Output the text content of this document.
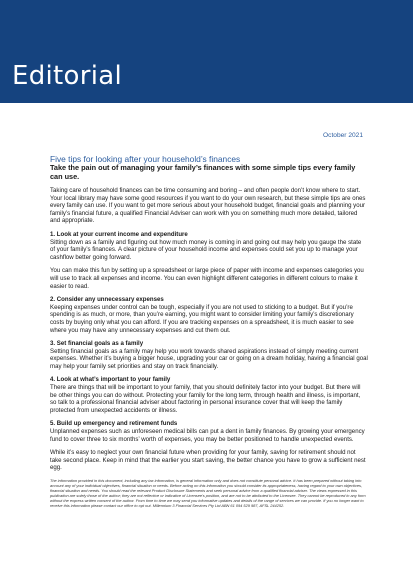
Editorial
October 2021
Five tips for looking after your household’s finances

Take the pain out of managing your family’s finances with some simple tips every family can use.

Taking care of household finances can be time consuming and boring – and often people don’t know where to start. Your local library may have some good resources if you want to do your own research, but these simple tips are ones every family can use. If you want to get more serious about your household budget, financial goals and planning your family’s financial future, a qualified Financial Adviser can work with you on something much more detailed, tailored and appropriate.

1. Look at your current income and expenditure

Sitting down as a family and figuring out how much money is coming in and going out may help you gauge the state of your family’s finances. A clear picture of your household income and expenses could set you up to manage your cashflow better going forward.

You can make this fun by setting up a spreadsheet or large piece of paper with income and expenses categories you will use to track all expenses and income. You can even highlight different categories in different colours to make it easier to read.

2. Consider any unnecessary expenses

Keeping expenses under control can be tough, especially if you are not used to sticking to a budget. But if you’re spending is as much, or more, than you’re earning, you might want to consider limiting your family’s discretionary costs by buying only what you can afford. If you are tracking expenses on a spreadsheet, it is much easier to see where you may have any unnecessary expenses and cut them out.

3. Set financial goals as a family

Setting financial goals as a family may help you work towards shared aspirations instead of simply meeting current expenses. Whether it’s buying a bigger house, upgrading your car or going on a dream holiday, having a financial goal may help your family set priorities and stay on track financially.

4. Look at what’s important to your family

There are things that will be important to your family, that you should definitely factor into your budget. But there will be other things you can do without. Protecting your family for the long term, through health and illness, is important, so talk to a professional financial adviser about factoring in personal insurance cover that will keep the family protected from unexpected accidents or illness.

5. Build up emergency and retirement funds

Unplanned expenses such as unforeseen medical bills can put a dent in family finances. By growing your emergency fund to cover three to six months’ worth of expenses, you may be better positioned to handle unexpected events.

While it’s easy to neglect your own financial future when providing for your family, saving for retirement should not take second place. Keep in mind that the earlier you start saving, the better chance you have to grow a sufficient nest egg.

The information provided in this document, including any tax information, is general information only and does not constitute personal advice. It has been prepared without taking into account any of your individual objectives, financial situation or needs. Before acting on this information you should consider its appropriateness, having regard to your own objectives, financial situation and needs. You should read the relevant Product Disclosure Statements and seek personal advice from a qualified financial adviser. The views expressed in this publication are solely those of the author; they are not reflective or indicative of Licensee's position, and are not to be attributed to the Licensee. They cannot be reproduced in any form without the express written consent of the author. From time to time we may send you informative updates and details of the range of services we can provide. If you no longer want to receive this information please contact our office to opt out. Millennium 3 Financial Services Pty Ltd ABN 61 094 529 987, AFSL 244252.
